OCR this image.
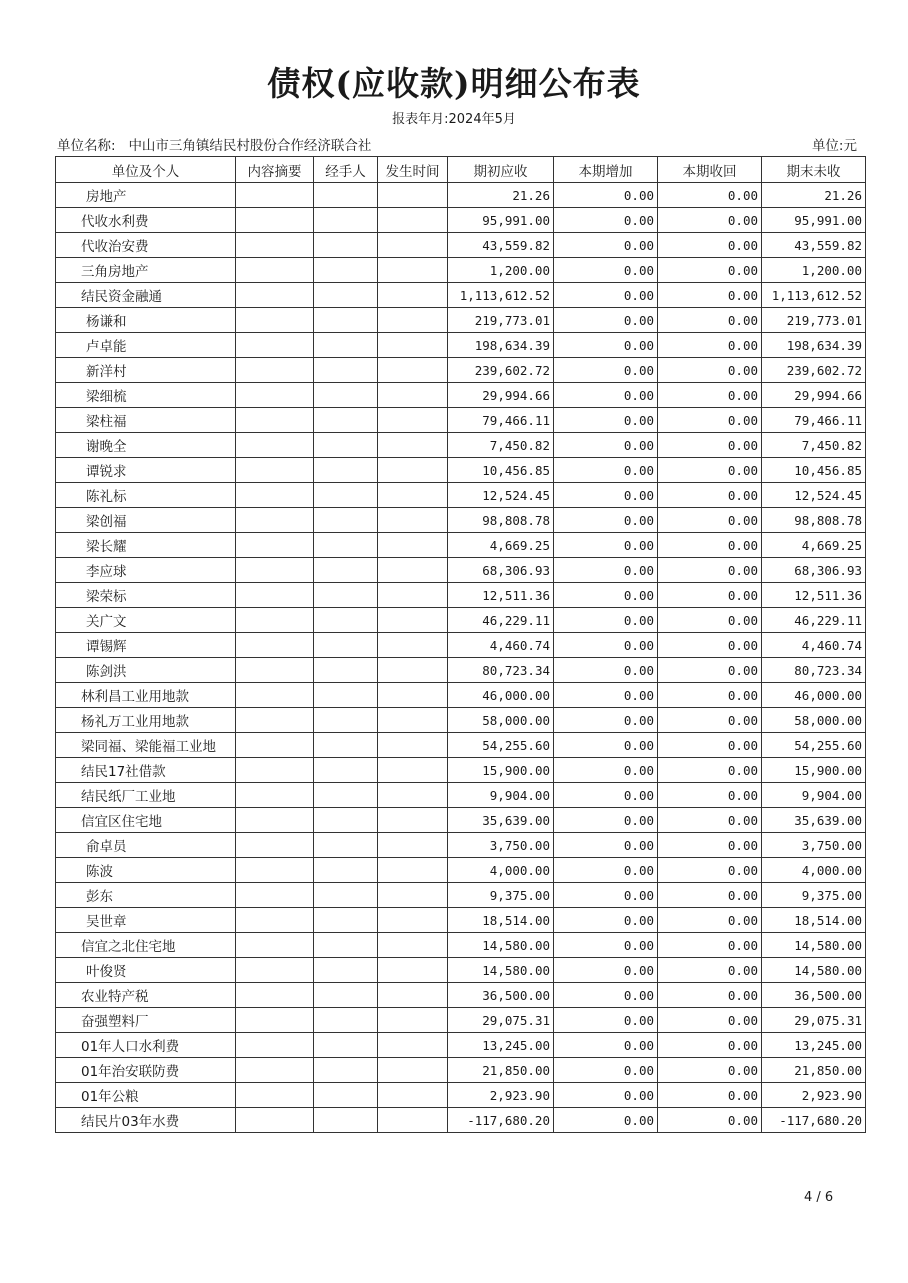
债权(应收款)明细公布表
报表年月:2024年5月
单位名称: 中山市三角镇结民村股份合作经济联合社	单位:元
单位及个人	内容摘要	经手人	发生时间	期初应收	本期增加	本期收回	期末未收
房地产				21.26	0.00	0.00	21.26
代收水利费				95,991.00	0.00	0.00	95,991.00
代收治安费				43,559.82	0.00	0.00	43,559.82
三角房地产				1,200.00	0.00	0.00	1,200.00
结民资金融通				1,113,612.52	0.00	0.00	1,113,612.52
杨谦和				219,773.01	0.00	0.00	219,773.01
卢卓能				198,634.39	0.00	0.00	198,634.39
新洋村				239,602.72	0.00	0.00	239,602.72
梁细梳				29,994.66	0.00	0.00	29,994.66
梁柱福				79,466.11	0.00	0.00	79,466.11
谢晚全				7,450.82	0.00	0.00	7,450.82
谭锐求				10,456.85	0.00	0.00	10,456.85
陈礼标				12,524.45	0.00	0.00	12,524.45
梁创福				98,808.78	0.00	0.00	98,808.78
梁长耀				4,669.25	0.00	0.00	4,669.25
李应球				68,306.93	0.00	0.00	68,306.93
梁荣标				12,511.36	0.00	0.00	12,511.36
关广文				46,229.11	0.00	0.00	46,229.11
谭锡辉				4,460.74	0.00	0.00	4,460.74
陈剑洪				80,723.34	0.00	0.00	80,723.34
林利昌工业用地款				46,000.00	0.00	0.00	46,000.00
杨礼万工业用地款				58,000.00	0.00	0.00	58,000.00
梁同福、梁能福工业地				54,255.60	0.00	0.00	54,255.60
结民17社借款				15,900.00	0.00	0.00	15,900.00
结民纸厂工业地				9,904.00	0.00	0.00	9,904.00
信宜区住宅地				35,639.00	0.00	0.00	35,639.00
俞卓员				3,750.00	0.00	0.00	3,750.00
陈波				4,000.00	0.00	0.00	4,000.00
彭东				9,375.00	0.00	0.00	9,375.00
吴世章				18,514.00	0.00	0.00	18,514.00
信宜之北住宅地				14,580.00	0.00	0.00	14,580.00
叶俊贤				14,580.00	0.00	0.00	14,580.00
农业特产税				36,500.00	0.00	0.00	36,500.00
奋强塑料厂				29,075.31	0.00	0.00	29,075.31
01年人口水利费				13,245.00	0.00	0.00	13,245.00
01年治安联防费				21,850.00	0.00	0.00	21,850.00
01年公粮				2,923.90	0.00	0.00	2,923.90
结民片03年水费				-117,680.20	0.00	0.00	-117,680.20
4 / 6
